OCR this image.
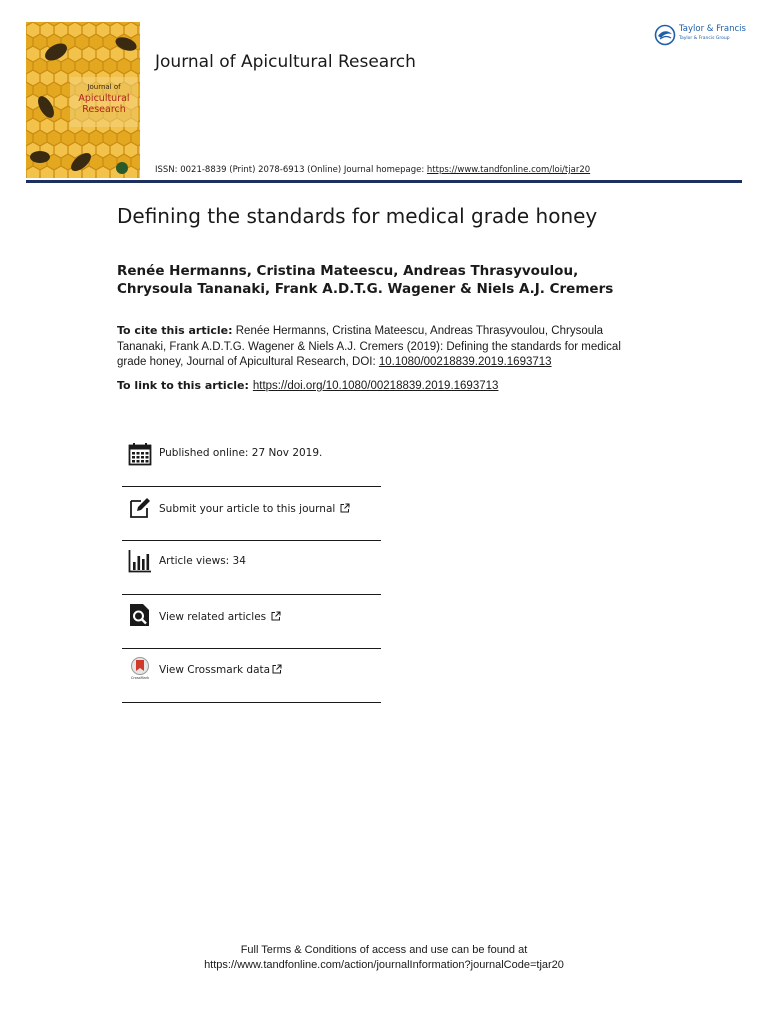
Journal of
Apicultural
Research
Journal of Apicultural Research
Taylor & Francis
Taylor & Francis Group
ISSN: 0021-8839 (Print) 2078-6913 (Online) Journal homepage: https://www.tandfonline.com/loi/tjar20
Defining the standards for medical grade honey
Renée Hermanns, Cristina Mateescu, Andreas Thrasyvoulou, Chrysoula Tananaki, Frank A.D.T.G. Wagener & Niels A.J. Cremers
To cite this article: Renée Hermanns, Cristina Mateescu, Andreas Thrasyvoulou, Chrysoula Tananaki, Frank A.D.T.G. Wagener & Niels A.J. Cremers (2019): Defining the standards for medical grade honey, Journal of Apicultural Research, DOI: 10.1080/00218839.2019.1693713
To link to this article: https://doi.org/10.1080/00218839.2019.1693713
Published online: 27 Nov 2019.
Submit your article to this journal
Article views: 34
View related articles
CrossMark
View Crossmark data
Full Terms & Conditions of access and use can be found at
https://www.tandfonline.com/action/journalInformation?journalCode=tjar20
